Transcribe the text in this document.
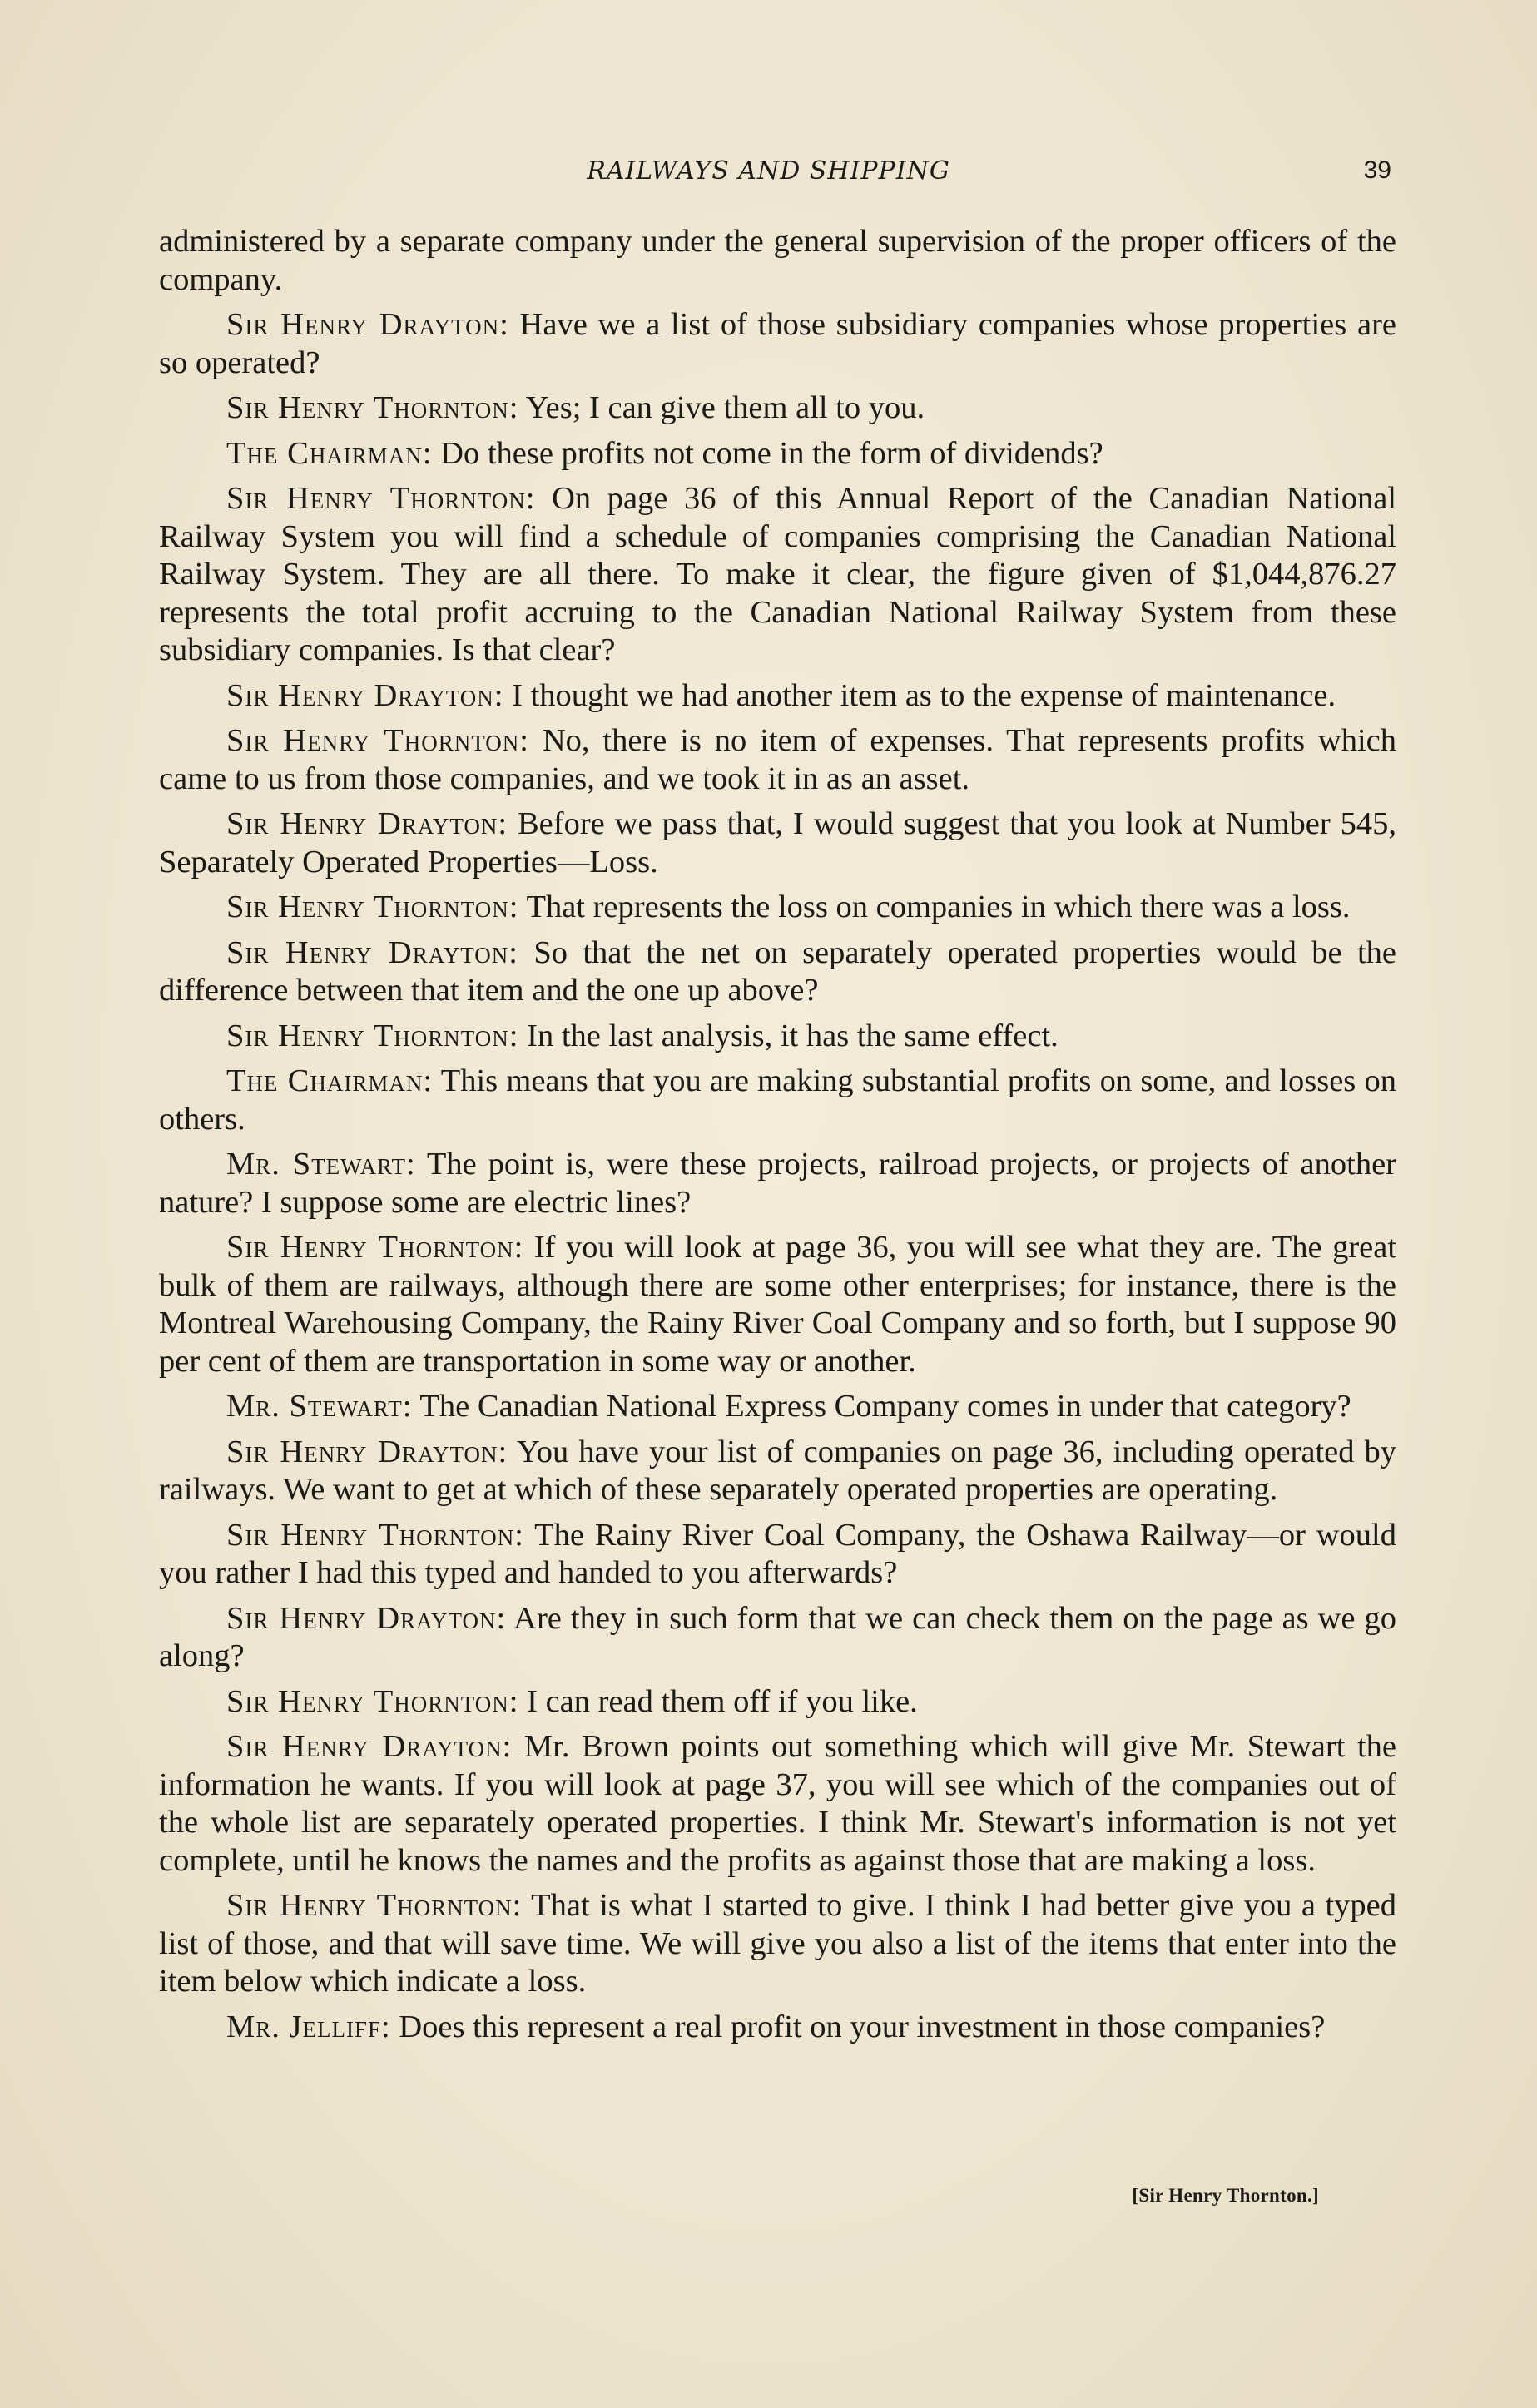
RAILWAYS AND SHIPPING	39

administered by a separate company under the general supervision of the proper officers of the company.

Sir Henry Drayton: Have we a list of those subsidiary companies whose properties are so operated?

Sir Henry Thornton: Yes; I can give them all to you.

The Chairman: Do these profits not come in the form of dividends?

Sir Henry Thornton: On page 36 of this Annual Report of the Canadian National Railway System you will find a schedule of companies comprising the Canadian National Railway System. They are all there. To make it clear, the figure given of $1,044,876.27 represents the total profit accruing to the Canadian National Railway System from these subsidiary companies. Is that clear?

Sir Henry Drayton: I thought we had another item as to the expense of maintenance.

Sir Henry Thornton: No, there is no item of expenses. That represents profits which came to us from those companies, and we took it in as an asset.

Sir Henry Drayton: Before we pass that, I would suggest that you look at Number 545, Separately Operated Properties—Loss.

Sir Henry Thornton: That represents the loss on companies in which there was a loss.

Sir Henry Drayton: So that the net on separately operated properties would be the difference between that item and the one up above?

Sir Henry Thornton: In the last analysis, it has the same effect.

The Chairman: This means that you are making substantial profits on some, and losses on others.

Mr. Stewart: The point is, were these projects, railroad projects, or projects of another nature? I suppose some are electric lines?

Sir Henry Thornton: If you will look at page 36, you will see what they are. The great bulk of them are railways, although there are some other enterprises; for instance, there is the Montreal Warehousing Company, the Rainy River Coal Company and so forth, but I suppose 90 per cent of them are transportation in some way or another.

Mr. Stewart: The Canadian National Express Company comes in under that category?

Sir Henry Drayton: You have your list of companies on page 36, including operated by railways. We want to get at which of these separately operated properties are operating.

Sir Henry Thornton: The Rainy River Coal Company, the Oshawa Railway—or would you rather I had this typed and handed to you afterwards?

Sir Henry Drayton: Are they in such form that we can check them on the page as we go along?

Sir Henry Thornton: I can read them off if you like.

Sir Henry Drayton: Mr. Brown points out something which will give Mr. Stewart the information he wants. If you will look at page 37, you will see which of the companies out of the whole list are separately operated properties. I think Mr. Stewart's information is not yet complete, until he knows the names and the profits as against those that are making a loss.

Sir Henry Thornton: That is what I started to give. I think I had better give you a typed list of those, and that will save time. We will give you also a list of the items that enter into the item below which indicate a loss.

Mr. Jelliff: Does this represent a real profit on your investment in those companies?

[Sir Henry Thornton.]
